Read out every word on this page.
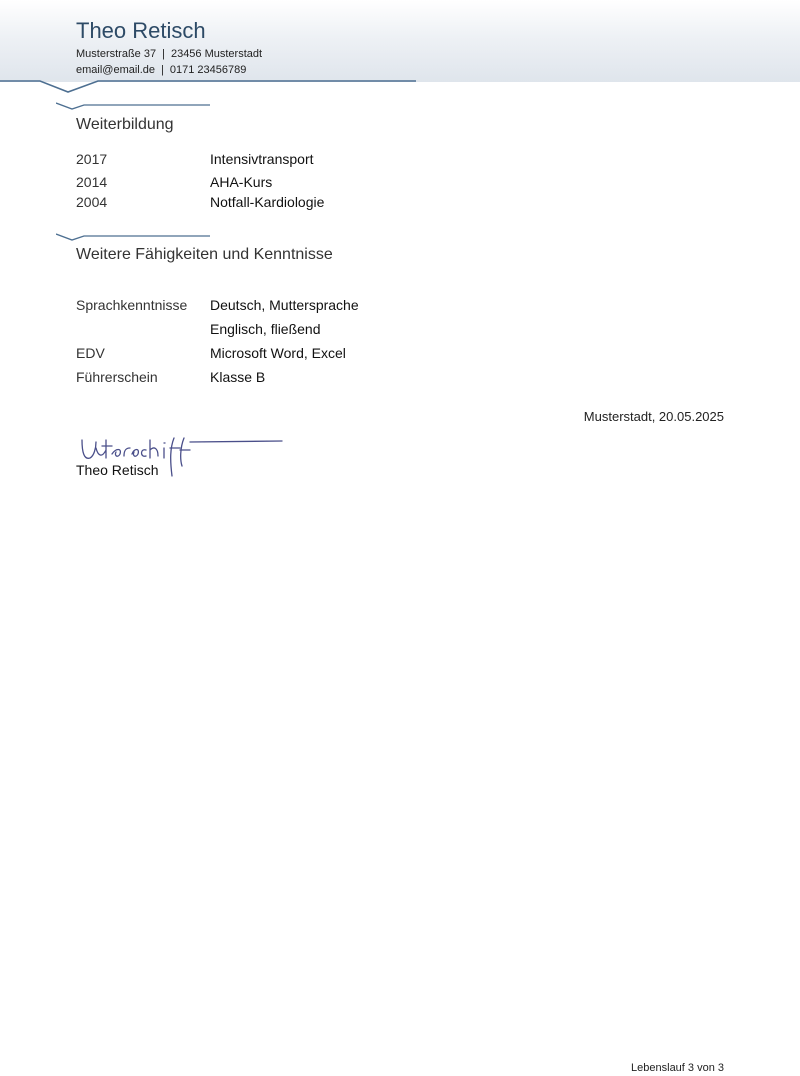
Theo Retisch
Musterstraße 37 | 23456 Musterstadt
email@email.de | 0171 23456789
Weiterbildung
2017	Intensivtransport
2014	AHA-Kurs
2004	Notfall-Kardiologie
Weitere Fähigkeiten und Kenntnisse
Sprachkenntnisse Deutsch, Muttersprache
Englisch, fließend
EDV	Microsoft Word, Excel
Führerschein	Klasse B
Musterstadt, 20.05.2025
Theo Retisch
Lebenslauf 3 von 3
